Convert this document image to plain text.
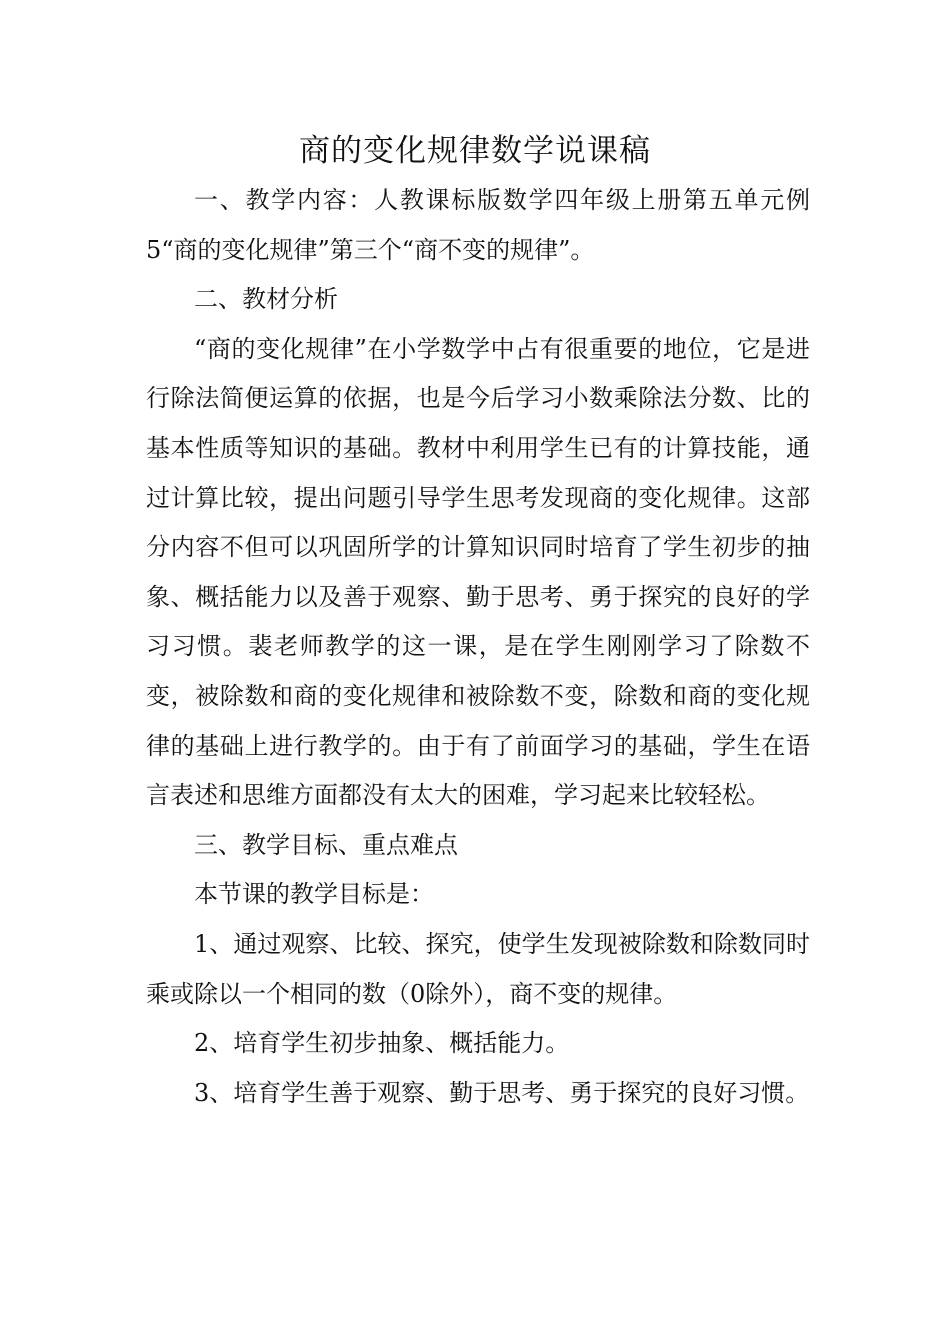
商的变化规律数学说课稿

一、教学内容：人教课标版数学四年级上册第五单元例5“商的变化规律”第三个“商不变的规律”。

二、教材分析

“商的变化规律”在小学数学中占有很重要的地位，它是进行除法简便运算的依据，也是今后学习小数乘除法分数、比的基本性质等知识的基础。教材中利用学生已有的计算技能，通过计算比较，提出问题引导学生思考发现商的变化规律。这部分内容不但可以巩固所学的计算知识同时培育了学生初步的抽象、概括能力以及善于观察、勤于思考、勇于探究的良好的学习习惯。裴老师教学的这一课，是在学生刚刚学习了除数不变，被除数和商的变化规律和被除数不变，除数和商的变化规律的基础上进行教学的。由于有了前面学习的基础，学生在语言表述和思维方面都没有太大的困难，学习起来比较轻松。

三、教学目标、重点难点

本节课的教学目标是：

1、通过观察、比较、探究，使学生发现被除数和除数同时乘或除以一个相同的数（0除外），商不变的规律。

2、培育学生初步抽象、概括能力。

3、培育学生善于观察、勤于思考、勇于探究的良好习惯。
